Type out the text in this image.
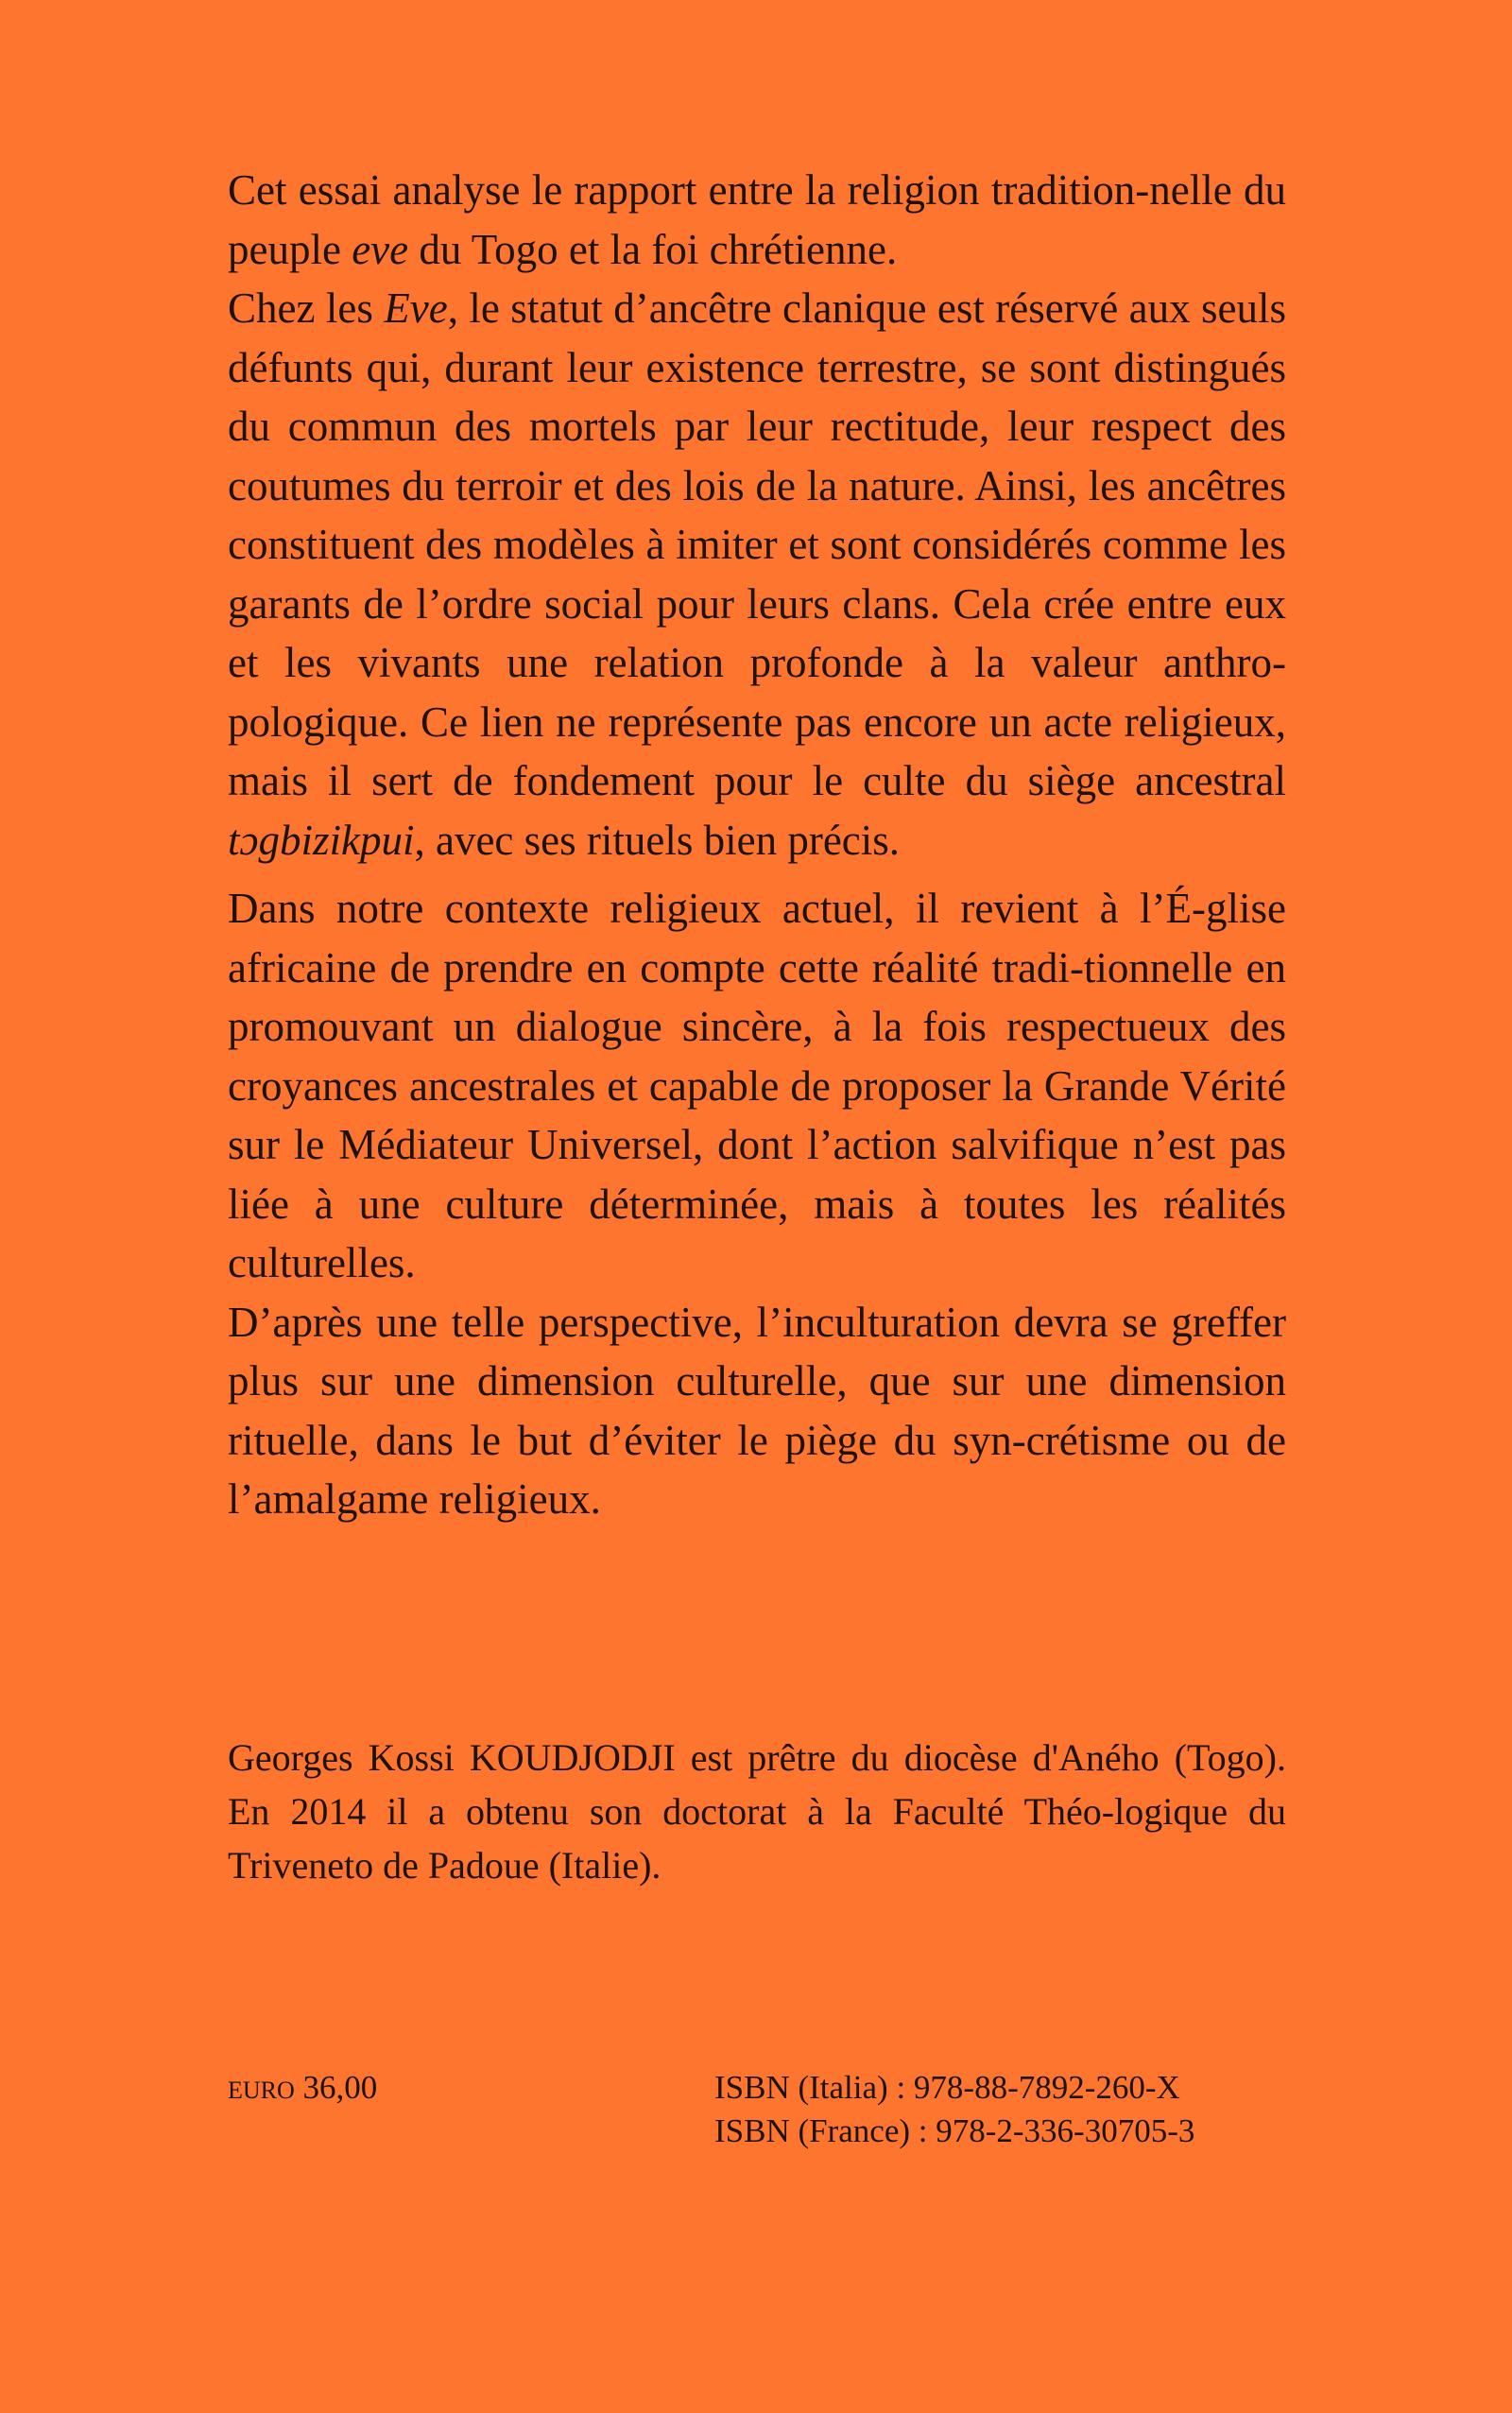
Cet essai analyse le rapport entre la religion tradition-nelle du peuple eve du Togo et la foi chrétienne.

Chez les Eve, le statut d’ancêtre clanique est réservé aux seuls défunts qui, durant leur existence terrestre, se sont distingués du commun des mortels par leur rectitude, leur respect des coutumes du terroir et des lois de la nature. Ainsi, les ancêtres constituent des modèles à imiter et sont considérés comme les garants de l’ordre social pour leurs clans. Cela crée entre eux et les vivants une relation profonde à la valeur anthro-pologique. Ce lien ne représente pas encore un acte religieux, mais il sert de fondement pour le culte du siège ancestral tɔgbizikpui, avec ses rituels bien précis.

Dans notre contexte religieux actuel, il revient à l’É-glise africaine de prendre en compte cette réalité tradi-tionnelle en promouvant un dialogue sincère, à la fois respectueux des croyances ancestrales et capable de proposer la Grande Vérité sur le Médiateur Universel, dont l’action salvifique n’est pas liée à une culture déterminée, mais à toutes les réalités culturelles.

D’après une telle perspective, l’inculturation devra se greffer plus sur une dimension culturelle, que sur une dimension rituelle, dans le but d’éviter le piège du syn-crétisme ou de l’amalgame religieux.

Georges Kossi KOUDJODJI est prêtre du diocèse d'Aného (Togo). En 2014 il a obtenu son doctorat à la Faculté Théo-logique du Triveneto de Padoue (Italie).

EURO 36,00	ISBN (Italia) : 978-88-7892-260-X
ISBN (France) : 978-2-336-30705-3
